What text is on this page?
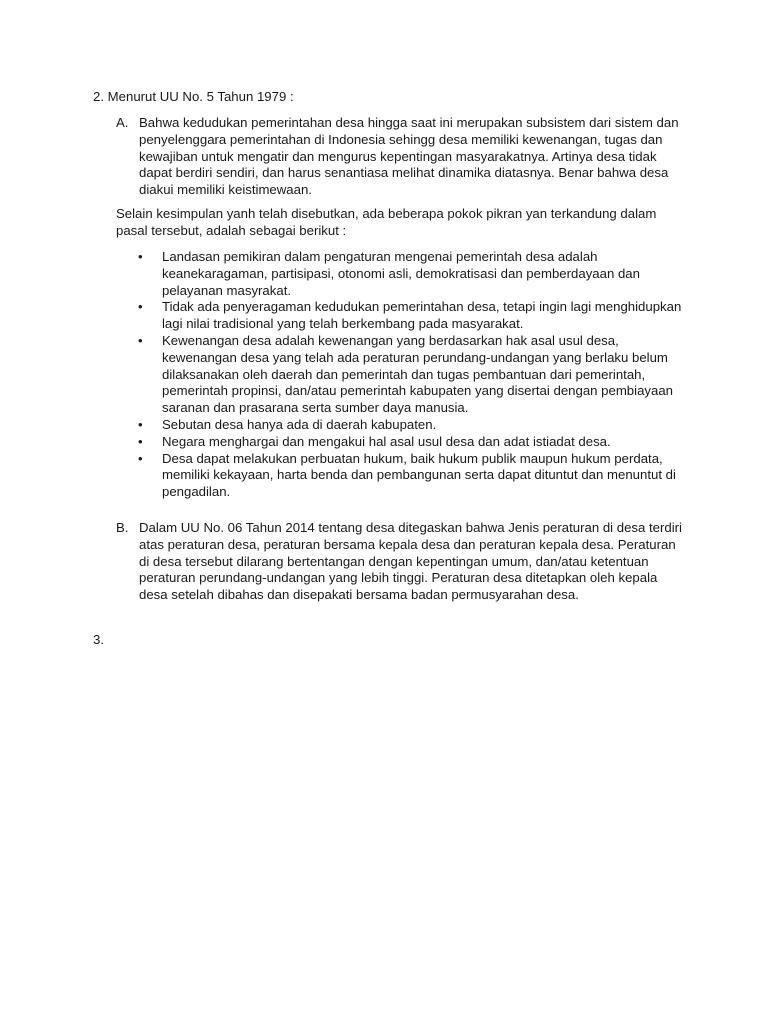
2. Menurut UU No. 5 Tahun 1979 :
A. Bahwa kedudukan pemerintahan desa hingga saat ini merupakan subsistem dari sistem dan penyelenggara pemerintahan di Indonesia sehingg desa memiliki kewenangan, tugas dan kewajiban untuk mengatir dan mengurus kepentingan masyarakatnya. Artinya desa tidak dapat berdiri sendiri, dan harus senantiasa melihat dinamika diatasnya. Benar bahwa desa diakui memiliki keistimewaan.
Selain kesimpulan yanh telah disebutkan, ada beberapa pokok pikran yan terkandung dalam pasal tersebut, adalah sebagai berikut :
• Landasan pemikiran dalam pengaturan mengenai pemerintah desa adalah keanekaragaman, partisipasi, otonomi asli, demokratisasi dan pemberdayaan dan pelayanan masyrakat.
• Tidak ada penyeragaman kedudukan pemerintahan desa, tetapi ingin lagi menghidupkan lagi nilai tradisional yang telah berkembang pada masyarakat.
• Kewenangan desa adalah kewenangan yang berdasarkan hak asal usul desa, kewenangan desa yang telah ada peraturan perundang-undangan yang berlaku belum dilaksanakan oleh daerah dan pemerintah dan tugas pembantuan dari pemerintah, pemerintah propinsi, dan/atau pemerintah kabupaten yang disertai dengan pembiayaan saranan dan prasarana serta sumber daya manusia.
• Sebutan desa hanya ada di daerah kabupaten.
• Negara menghargai dan mengakui hal asal usul desa dan adat istiadat desa.
• Desa dapat melakukan perbuatan hukum, baik hukum publik maupun hukum perdata, memiliki kekayaan, harta benda dan pembangunan serta dapat dituntut dan menuntut di pengadilan.
B. Dalam UU No. 06 Tahun 2014 tentang desa ditegaskan bahwa Jenis peraturan di desa terdiri atas peraturan desa, peraturan bersama kepala desa dan peraturan kepala desa. Peraturan di desa tersebut dilarang bertentangan dengan kepentingan umum, dan/atau ketentuan peraturan perundang-undangan yang lebih tinggi. Peraturan desa ditetapkan oleh kepala desa setelah dibahas dan disepakati bersama badan permusyarahan desa.
3.
